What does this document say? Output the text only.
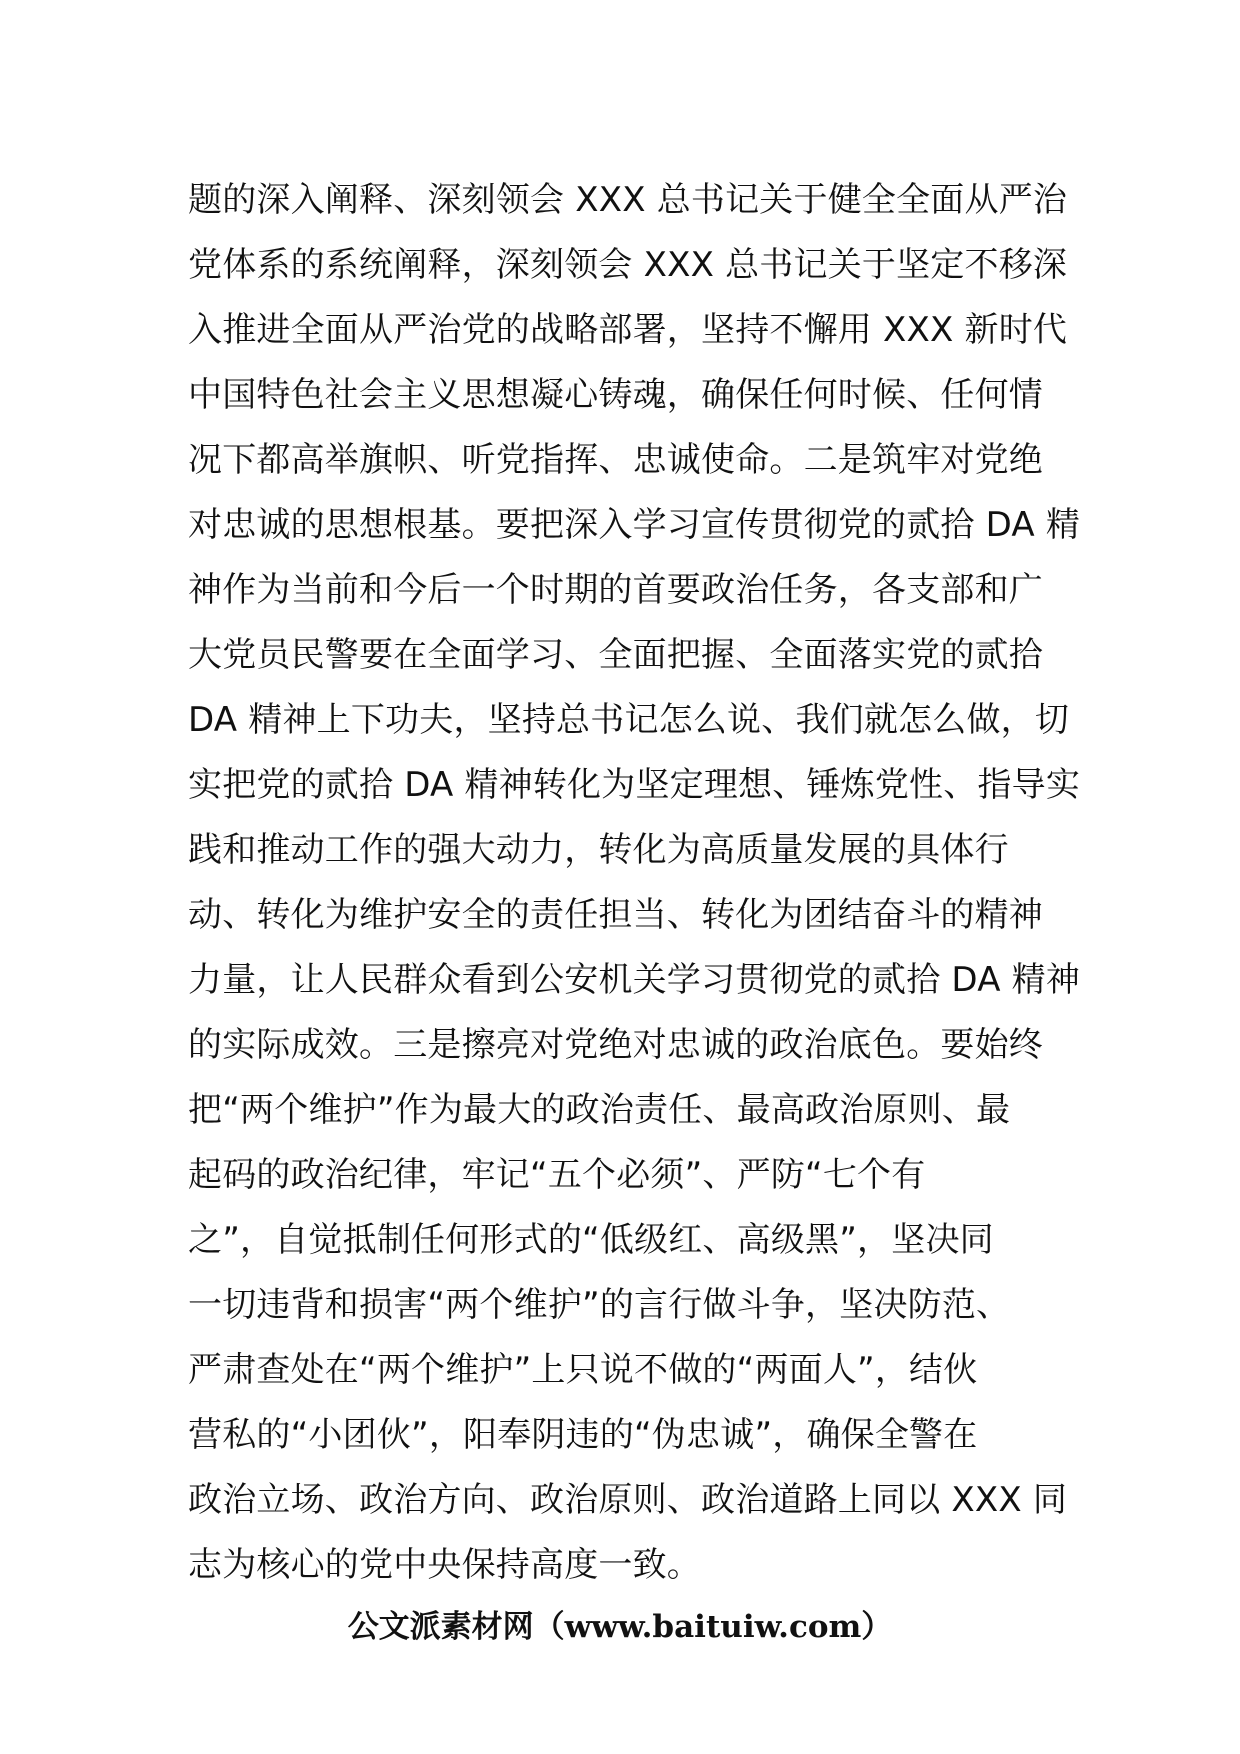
题的深入阐释、深刻领会 XXX 总书记关于健全全面从严治
党体系的系统阐释，深刻领会 XXX 总书记关于坚定不移深
入推进全面从严治党的战略部署，坚持不懈用 XXX 新时代
中国特色社会主义思想凝心铸魂，确保任何时候、任何情
况下都高举旗帜、听党指挥、忠诚使命。二是筑牢对党绝
对忠诚的思想根基。要把深入学习宣传贯彻党的贰拾 DA 精
神作为当前和今后一个时期的首要政治任务，各支部和广
大党员民警要在全面学习、全面把握、全面落实党的贰拾
DA 精神上下功夫，坚持总书记怎么说、我们就怎么做，切
实把党的贰拾 DA 精神转化为坚定理想、锤炼党性、指导实
践和推动工作的强大动力，转化为高质量发展的具体行
动、转化为维护安全的责任担当、转化为团结奋斗的精神
力量，让人民群众看到公安机关学习贯彻党的贰拾 DA 精神
的实际成效。三是擦亮对党绝对忠诚的政治底色。要始终
把“两个维护”作为最大的政治责任、最高政治原则、最
起码的政治纪律，牢记“五个必须”、严防“七个有
之”，自觉抵制任何形式的“低级红、高级黑”，坚决同
一切违背和损害“两个维护”的言行做斗争，坚决防范、
严肃查处在“两个维护”上只说不做的“两面人”，结伙
营私的“小团伙”，阳奉阴违的“伪忠诚”，确保全警在
政治立场、政治方向、政治原则、政治道路上同以 XXX 同
志为核心的党中央保持高度一致。
公文派素材网（www.baituiw.com）
